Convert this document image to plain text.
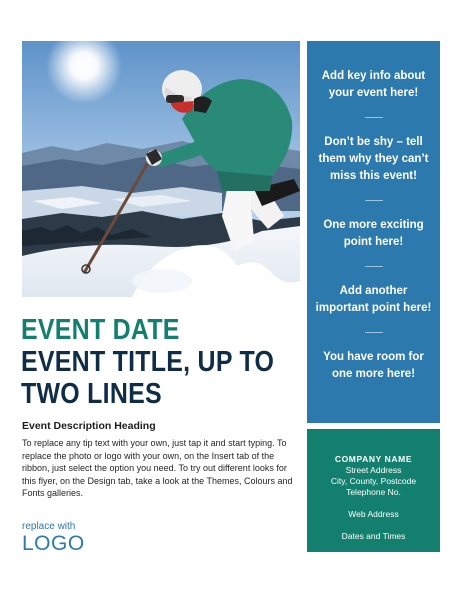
Add key info about your event here!
Don’t be shy – tell them why they can’t miss this event!
One more exciting point here!
Add another important point here!
You have room for one more here!
COMPANY NAME
Street Address
City, County, Postcode
Telephone No.
Web Address
Dates and Times
EVENT DATE
EVENT TITLE, UP TO
TWO LINES
Event Description Heading
To replace any tip text with your own, just tap it and start typing. To replace the photo or logo with your own, on the Insert tab of the ribbon, just select the option you need. To try out different looks for this flyer, on the Design tab, take a look at the Themes, Colours and Fonts galleries.
replace with
LOGO
